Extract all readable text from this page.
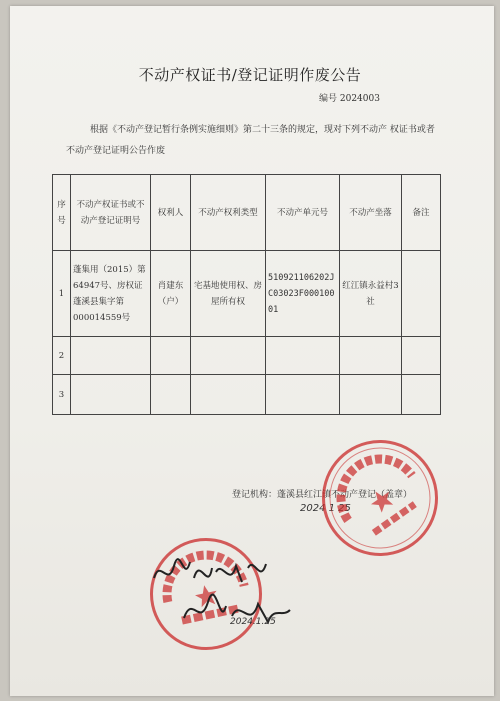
不动产权证书/登记证明作废公告
编号 2024003
根据《不动产登记暂行条例实施细则》第二十三条的规定，现对下列不动产 权证书或者不动产登记证明公告作废
序号	不动产权证书或不动产登记证明号	权利人	不动产权利类型	不动产单元号	不动产坐落	备注
1	蓬集用（2015）第64947号、房权证蓬溪县集字第000014559号	肖建东（户）	宅基地使用权、房屋所有权	510921106202JC03023F00010001	红江镇永益村3社	
2						
3						
登记机构：蓬溪县红江镇不动产登记（盖章）
2024 1 25
2024.1.25
